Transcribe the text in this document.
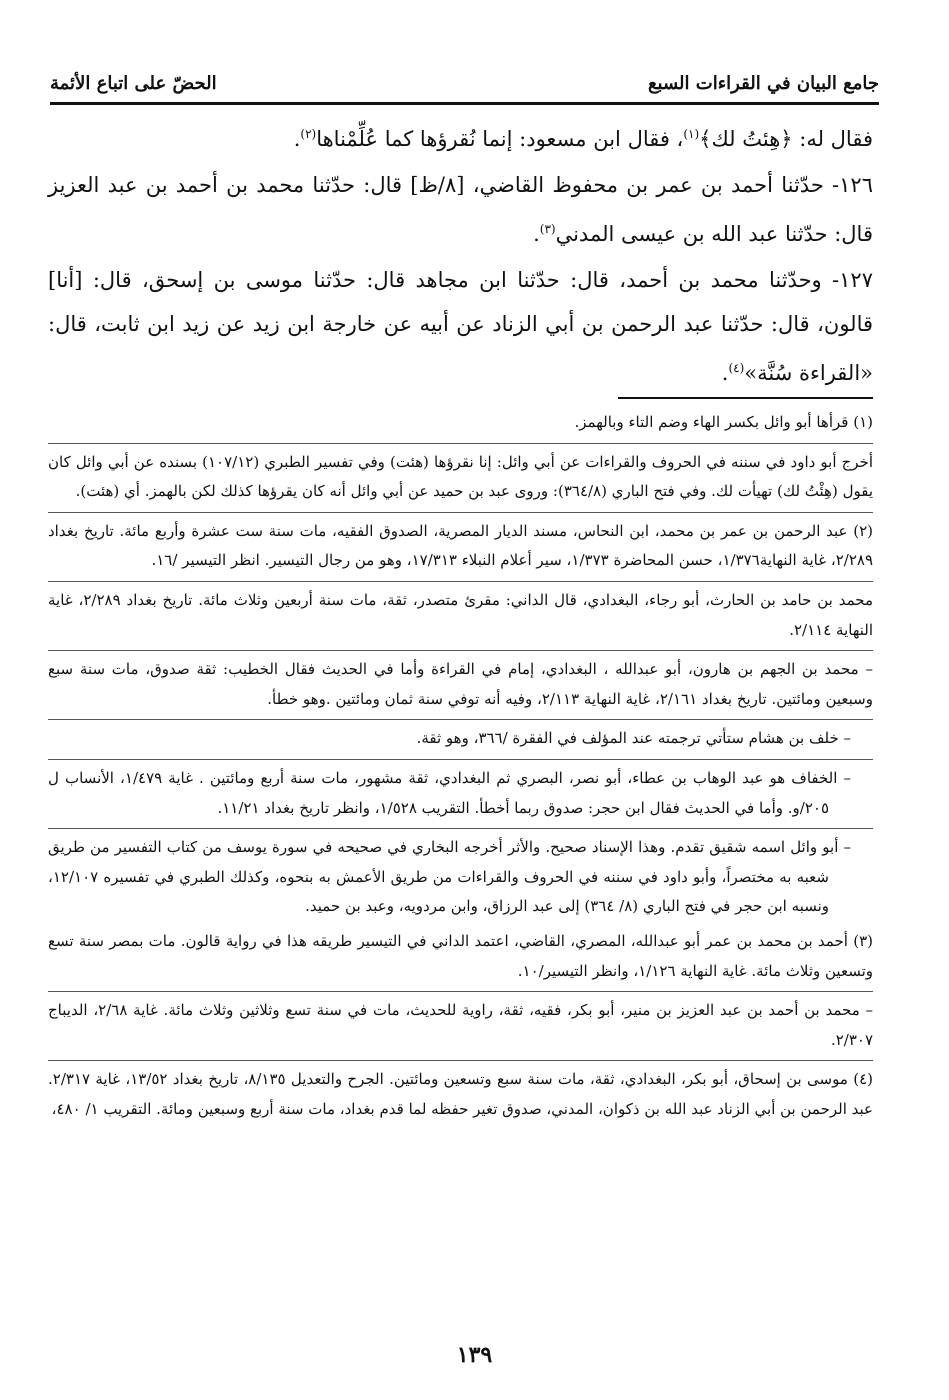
الحضّ على اتباع الأئمة	جامع البيان في القراءات السبع

فقال له: ﴿هِئتُ لك﴾$^{(١)}$، فقال ابن مسعود: إنما نُقرؤها كما عُلِّمْناها$^{(٢)}$.

١٢٦- حدّثنا أحمد بن عمر بن محفوظ القاضي، [٨/ظ] قال: حدّثنا محمد بن أحمد بن عبد العزيز قال: حدّثنا عبد الله بن عيسى المدني$^{(٣)}$.

١٢٧- وحدّثنا محمد بن أحمد، قال: حدّثنا ابن مجاهد قال: حدّثنا موسى بن إسحق، قال: [أنا] قالون، قال: حدّثنا عبد الرحمن بن أبي الزناد عن أبيه عن خارجة ابن زيد عن زيد ابن ثابت، قال: «القراءة سُنَّة»$^{(٤)}$.

(١) قرأها أبو وائل بكسر الهاء وضم التاء وبالهمز.
أخرج أبو داود في سننه في الحروف والقراءات عن أبي وائل: إنا نقرؤها (هئت) وفي تفسير الطبري (١٠٧/١٢) بسنده عن أبي وائل كان يقول (هِئْتُ لك) تهيأت لك. وفي فتح الباري (٣٦٤/٨): وروى عبد بن حميد عن أبي وائل أنه كان يقرؤها كذلك لكن بالهمز. أي (هئت).
(٢) عبد الرحمن بن عمر بن محمد، ابن النحاس، مسند الديار المصرية، الصدوق الفقيه، مات سنة ست عشرة وأربع مائة. تاريخ بغداد ٢/٢٨٩، غاية النهاية١/٣٧٦، حسن المحاضرة ١/٣٧٣، سير أعلام النبلاء ١٧/٣١٣، وهو من رجال التيسير. انظر التيسير /١٦.
محمد بن حامد بن الحارث، أبو رجاء، البغدادي، قال الداني: مقرئ متصدر، ثقة، مات سنة أربعين وثلاث مائة. تاريخ بغداد ٢/٢٨٩، غاية النهاية ٢/١١٤.
– محمد بن الجهم بن هارون، أبو عبدالله ، البغدادي، إمام في القراءة وأما في الحديث فقال الخطيب: ثقة صدوق، مات سنة سبع وسبعين ومائتين. تاريخ بغداد ٢/١٦١، غاية النهاية ٢/١١٣، وفيه أنه توفي سنة ثمان ومائتين .وهو خطأ.
– خلف بن هشام ستأتي ترجمته عند المؤلف في الفقرة /٣٦٦، وهو ثقة.
– الخفاف هو عبد الوهاب بن عطاء، أبو نصر، البصري ثم البغدادي، ثقة مشهور، مات سنة أربع ومائتين . غاية ١/٤٧٩، الأنساب ل ٢٠٥/و. وأما في الحديث فقال ابن حجر: صدوق ربما أخطأ. التقريب ١/٥٢٨، وانظر تاريخ بغداد ١١/٢١.
– أبو وائل اسمه شقيق تقدم. وهذا الإسناد صحيح. والأثر أخرجه البخاري في صحيحه في سورة يوسف من كتاب التفسير من طريق شعبه به مختصراً، وأبو داود في سننه في الحروف والقراءات من طريق الأعمش به بنحوه، وكذلك الطبري في تفسيره ١٢/١٠٧، ونسبه ابن حجر في فتح الباري (٨/ ٣٦٤) إلى عبد الرزاق، وابن مردويه، وعبد بن حميد.
(٣) أحمد بن محمد بن عمر أبو عبدالله، المصري، القاضي، اعتمد الداني في التيسير طريقه هذا في رواية قالون. مات بمصر سنة تسع وتسعين وثلاث مائة. غاية النهاية ١/١٢٦، وانظر التيسير/١٠.
– محمد بن أحمد بن عبد العزيز بن منير، أبو بكر، فقيه، ثقة، راوية للحديث، مات في سنة تسع وثلاثين وثلاث مائة. غاية ٢/٦٨، الديباج ٢/٣٠٧.
(٤) موسى بن إسحاق، أبو بكر، البغدادي، ثقة، مات سنة سبع وتسعين ومائتين. الجرح والتعديل ٨/١٣٥، تاريخ بغداد ١٣/٥٢، غاية ٢/٣١٧. عبد الرحمن بن أبي الزناد عبد الله بن ذكوان، المدني، صدوق تغير حفظه لما قدم بغداد، مات سنة أربع وسبعين ومائة. التقريب ١/ ٤٨٠،
١٣٩
